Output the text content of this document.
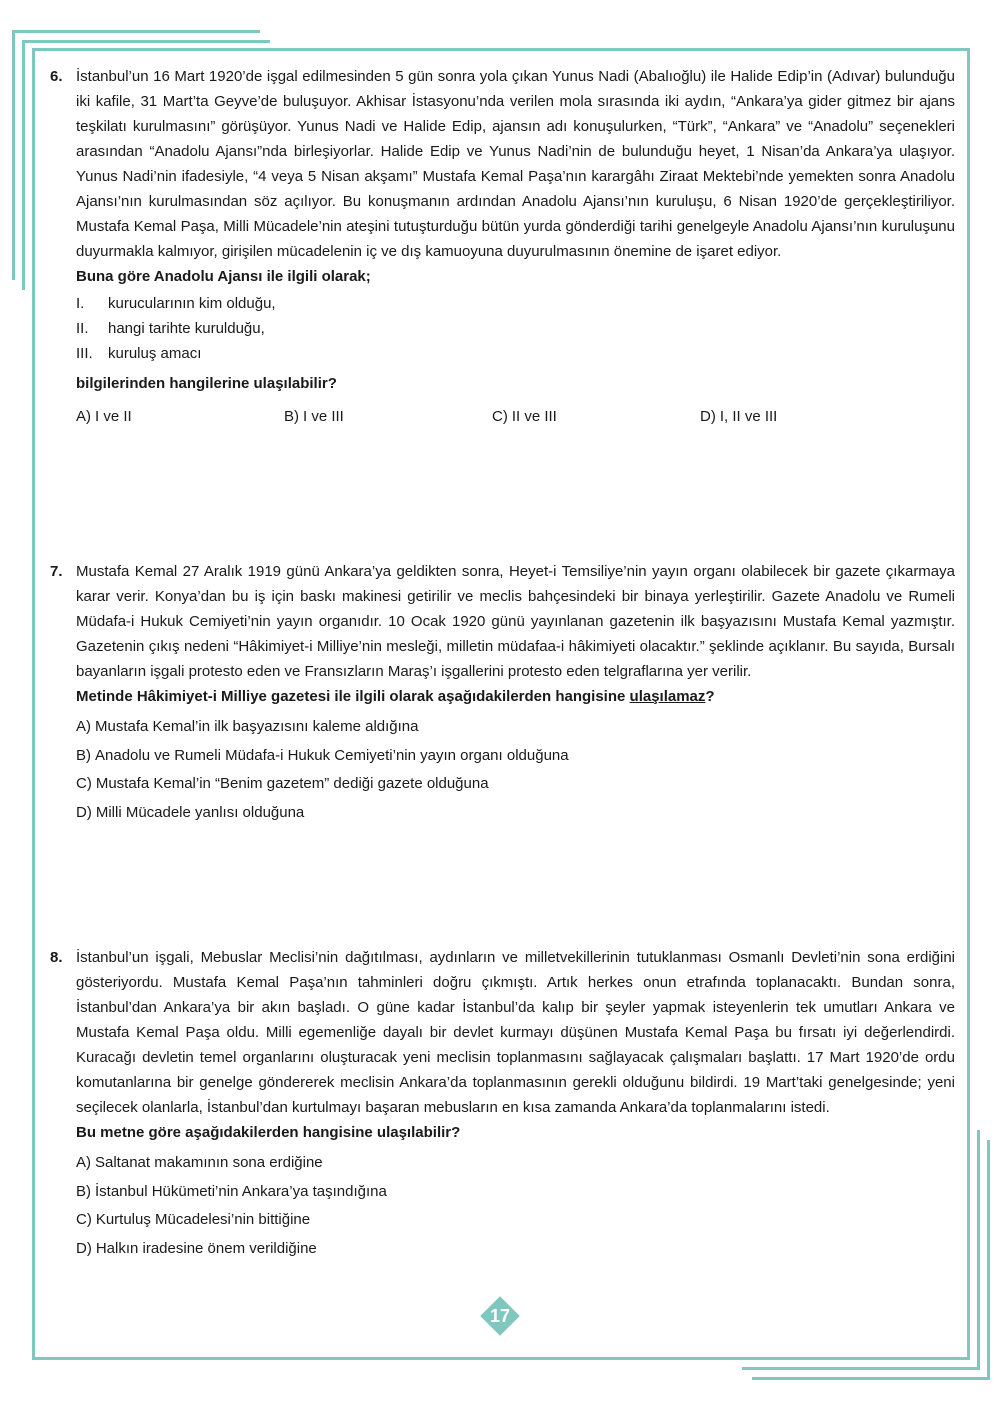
6. İstanbul’un 16 Mart 1920’de işgal edilmesinden 5 gün sonra yola çıkan Yunus Nadi (Abalıoğlu) ile Halide Edip’in (Adıvar) bulunduğu iki kafile, 31 Mart’ta Geyve’de buluşuyor. Akhisar İstasyonu’nda verilen mola sırasında iki aydın, “Ankara’ya gider gitmez bir ajans teşkilatı kurulmasını” görüşüyor. Yunus Nadi ve Halide Edip, ajansın adı konuşulurken, “Türk”, “Ankara” ve “Anadolu” seçenekleri arasından “Anadolu Ajansı”nda birleşiyorlar. Halide Edip ve Yunus Nadi’nin de bulunduğu heyet, 1 Nisan’da Ankara’ya ulaşıyor. Yunus Nadi’nin ifadesiyle, “4 veya 5 Nisan akşamı” Mustafa Kemal Paşa’nın karargâhı Ziraat Mektebi’nde yemekten sonra Anadolu Ajansı’nın kurulmasından söz açılıyor. Bu konuşmanın ardından Anadolu Ajansı’nın kuruluşu, 6 Nisan 1920’de gerçekleştiriliyor. Mustafa Kemal Paşa, Milli Mücadele’nin ateşini tutuşturduğu bütün yurda gönderdiği tarihi genelgeyle Anadolu Ajansı’nın kuruluşunu duyurmakla kalmıyor, girişilen mücadelenin iç ve dış kamuoyuna duyurulmasının önemine de işaret ediyor.

Buna göre Anadolu Ajansı ile ilgili olarak;

I.	kurucularının kim olduğu,
II.	hangi tarihte kurulduğu,
III.	kuruluş amacı

bilgilerinden hangilerine ulaşılabilir?

A) I ve II	B) I ve III	C) II ve III	D) I, II ve III
7. Mustafa Kemal 27 Aralık 1919 günü Ankara’ya geldikten sonra, Heyet-i Temsiliye’nin yayın organı olabilecek bir gazete çıkarmaya karar verir. Konya’dan bu iş için baskı makinesi getirilir ve meclis bahçesindeki bir binaya yerleştirilir. Gazete Anadolu ve Rumeli Müdafa-i Hukuk Cemiyeti’nin yayın organıdır. 10 Ocak 1920 günü yayınlanan gazetenin ilk başyazısını Mustafa Kemal yazmıştır. Gazetenin çıkış nedeni “Hâkimiyet-i Milliye’nin mesleği, milletin müdafaa-i hâkimiyeti olacaktır.” şeklinde açıklanır. Bu sayıda, Bursalı bayanların işgali protesto eden ve Fransızların Maraş’ı işgallerini protesto eden telgraflarına yer verilir.

Metinde Hâkimiyet-i Milliye gazetesi ile ilgili olarak aşağıdakilerden hangisine ulaşılamaz?

A) Mustafa Kemal’in ilk başyazısını kaleme aldığına
B) Anadolu ve Rumeli Müdafa-i Hukuk Cemiyeti’nin yayın organı olduğuna
C) Mustafa Kemal’in “Benim gazetem” dediği gazete olduğuna
D) Milli Mücadele yanlısı olduğuna
8. İstanbul’un işgali, Mebuslar Meclisi’nin dağıtılması, aydınların ve milletvekillerinin tutuklanması Osmanlı Devleti’nin sona erdiğini gösteriyordu. Mustafa Kemal Paşa’nın tahminleri doğru çıkmıştı. Artık herkes onun etrafında toplanacaktı. Bundan sonra, İstanbul’dan Ankara’ya bir akın başladı. O güne kadar İstanbul’da kalıp bir şeyler yapmak isteyenlerin tek umutları Ankara ve Mustafa Kemal Paşa oldu. Milli egemenliğe dayalı bir devlet kurmayı düşünen Mustafa Kemal Paşa bu fırsatı iyi değerlendirdi. Kuracağı devletin temel organlarını oluşturacak yeni meclisin toplanmasını sağlayacak çalışmaları başlattı. 17 Mart 1920’de ordu komutanlarına bir genelge göndererek meclisin Ankara’da toplanmasının gerekli olduğunu bildirdi. 19 Mart’taki genelgesinde; yeni seçilecek olanlarla, İstanbul’dan kurtulmayı başaran mebusların en kısa zamanda Ankara’da toplanmalarını istedi.

Bu metne göre aşağıdakilerden hangisine ulaşılabilir?

A) Saltanat makamının sona erdiğine
B) İstanbul Hükümeti’nin Ankara’ya taşındığına
C) Kurtuluş Mücadelesi’nin bittiğine
D) Halkın iradesine önem verildiğine
17
